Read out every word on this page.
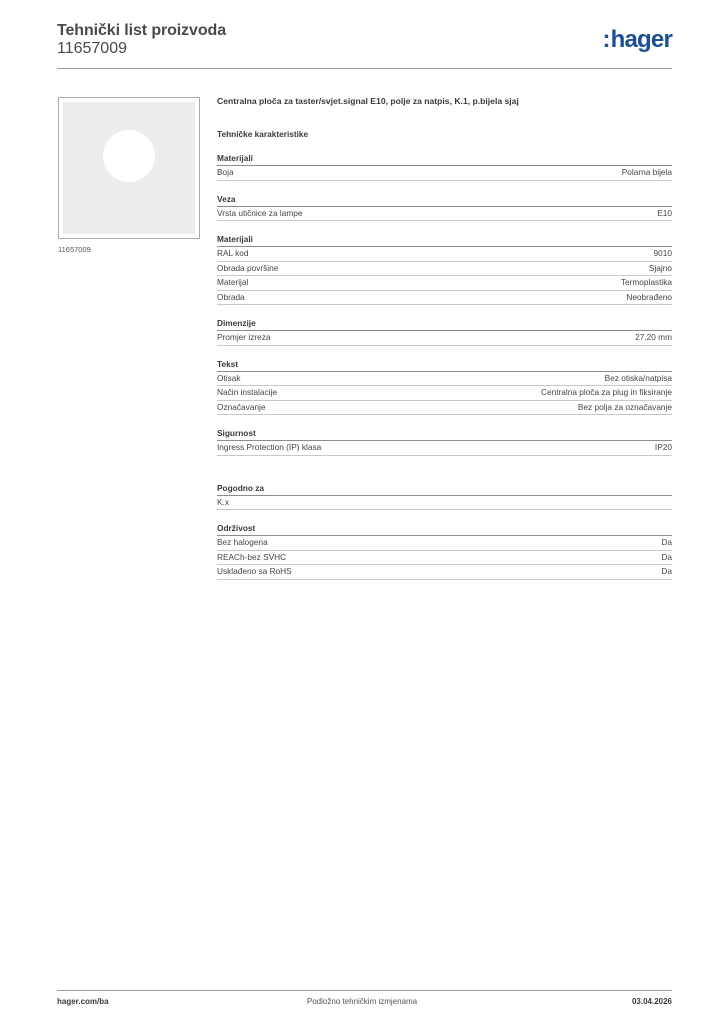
Tehnički list proizvoda
11657009	:hager
11657009
Centralna ploča za taster/svjet.signal E10, polje za natpis, K.1, p.bijela sjaj
Tehničke karakteristike
Materijali
Boja	Polarna bijela
Veza
Vrsta utičnice za lampe	E10
Materijali
RAL kod	9010
Obrada površine	Sjajno
Materijal	Termoplastika
Obrada	Neobrađeno
Dimenzije
Promjer izreza	27,20 mm
Tekst
Otisak	Bez otiska/natpisa
Način instalacije	Centralna ploča za plug in fiksiranje
Označavanje	Bez polja za označavanje
Sigurnost
Ingress Protection (IP) klasa	IP20
Pogodno za
K.x
Održivost
Bez halogena	Da
REACh-bez SVHC	Da
Usklađeno sa RoHS	Da
hager.com/ba	Podložno tehničkim izmjenama	03.04.2026
